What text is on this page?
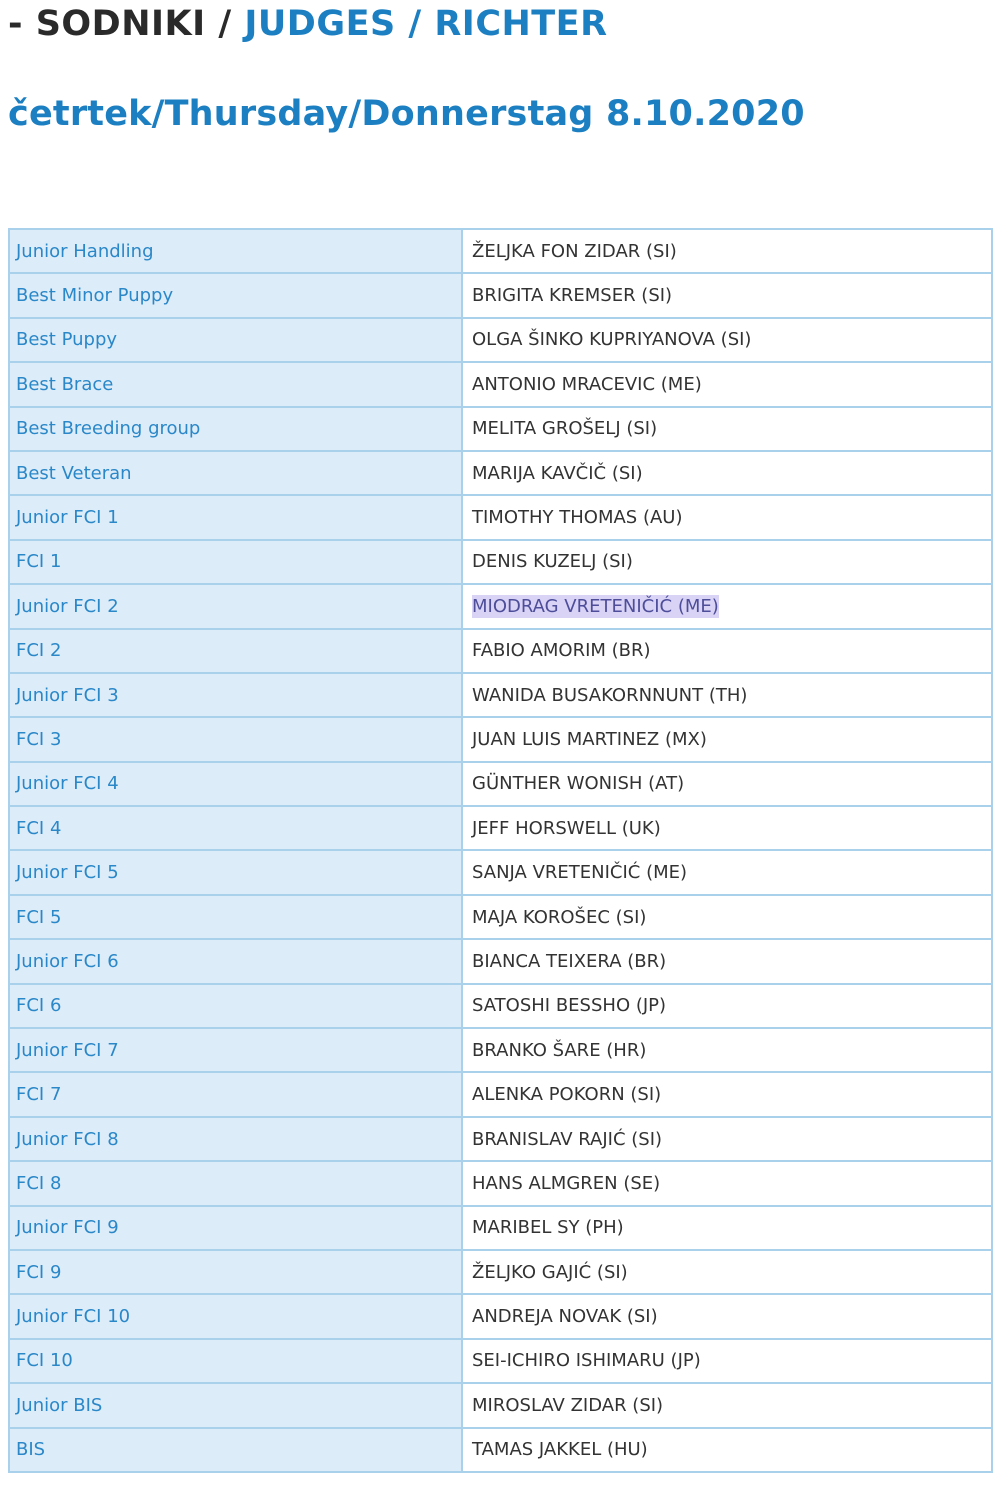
- SODNIKI / JUDGES / RICHTER
četrtek/Thursday/Donnerstag 8.10.2020
Junior Handling	ŽELJKA FON ZIDAR (SI)
Best Minor Puppy	BRIGITA KREMSER (SI)
Best Puppy	OLGA ŠINKO KUPRIYANOVA (SI)
Best Brace	ANTONIO MRACEVIC (ME)
Best Breeding group	MELITA GROŠELJ (SI)
Best Veteran	MARIJA KAVČIČ (SI)
Junior FCI 1	TIMOTHY THOMAS (AU)
FCI 1	DENIS KUZELJ (SI)
Junior FCI 2	MIODRAG VRETENIČIĆ (ME)
FCI 2	FABIO AMORIM (BR)
Junior FCI 3	WANIDA BUSAKORNNUNT (TH)
FCI 3	JUAN LUIS MARTINEZ (MX)
Junior FCI 4	GÜNTHER WONISH (AT)
FCI 4	JEFF HORSWELL (UK)
Junior FCI 5	SANJA VRETENIČIĆ (ME)
FCI 5	MAJA KOROŠEC (SI)
Junior FCI 6	BIANCA TEIXERA (BR)
FCI 6	SATOSHI BESSHO (JP)
Junior FCI 7	BRANKO ŠARE (HR)
FCI 7	ALENKA POKORN (SI)
Junior FCI 8	BRANISLAV RAJIĆ (SI)
FCI 8	HANS ALMGREN (SE)
Junior FCI 9	MARIBEL SY (PH)
FCI 9	ŽELJKO GAJIĆ (SI)
Junior FCI 10	ANDREJA NOVAK (SI)
FCI 10	SEI-ICHIRO ISHIMARU (JP)
Junior BIS	MIROSLAV ZIDAR (SI)
BIS	TAMAS JAKKEL (HU)
